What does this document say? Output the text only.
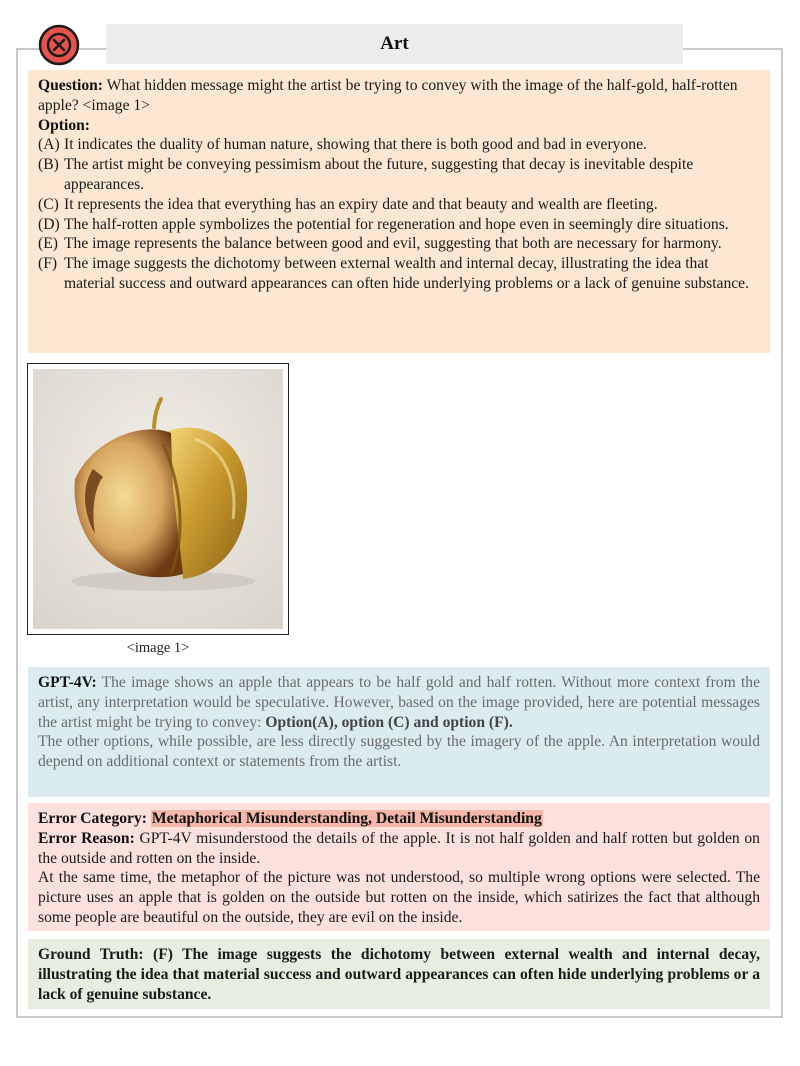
Art

Question: What hidden message might the artist be trying to convey with the image of the half-gold, half-rotten apple? <image 1>

Option:

(A) It indicates the duality of human nature, showing that there is both good and bad in everyone.
(B) The artist might be conveying pessimism about the future, suggesting that decay is inevitable despite appearances.
(C) It represents the idea that everything has an expiry date and that beauty and wealth are fleeting.
(D) The half-rotten apple symbolizes the potential for regeneration and hope even in seemingly dire situations.
(E) The image represents the balance between good and evil, suggesting that both are necessary for harmony.
(F) The image suggests the dichotomy between external wealth and internal decay, illustrating the idea that material success and outward appearances can often hide underlying problems or a lack of genuine substance.
<image 1>

GPT-4V: The image shows an apple that appears to be half gold and half rotten. Without more context from the artist, any interpretation would be speculative. However, based on the image provided, here are potential messages the artist might be trying to convey: Option(A), option (C) and option (F).

The other options, while possible, are less directly suggested by the imagery of the apple. An interpretation would depend on additional context or statements from the artist.

Error Category: Metaphorical Misunderstanding, Detail Misunderstanding

Error Reason: GPT-4V misunderstood the details of the apple. It is not half golden and half rotten but golden on the outside and rotten on the inside.

At the same time, the metaphor of the picture was not understood, so multiple wrong options were selected. The picture uses an apple that is golden on the outside but rotten on the inside, which satirizes the fact that although some people are beautiful on the outside, they are evil on the inside.

Ground Truth: (F) The image suggests the dichotomy between external wealth and internal decay, illustrating the idea that material success and outward appearances can often hide underlying problems or a lack of genuine substance.
